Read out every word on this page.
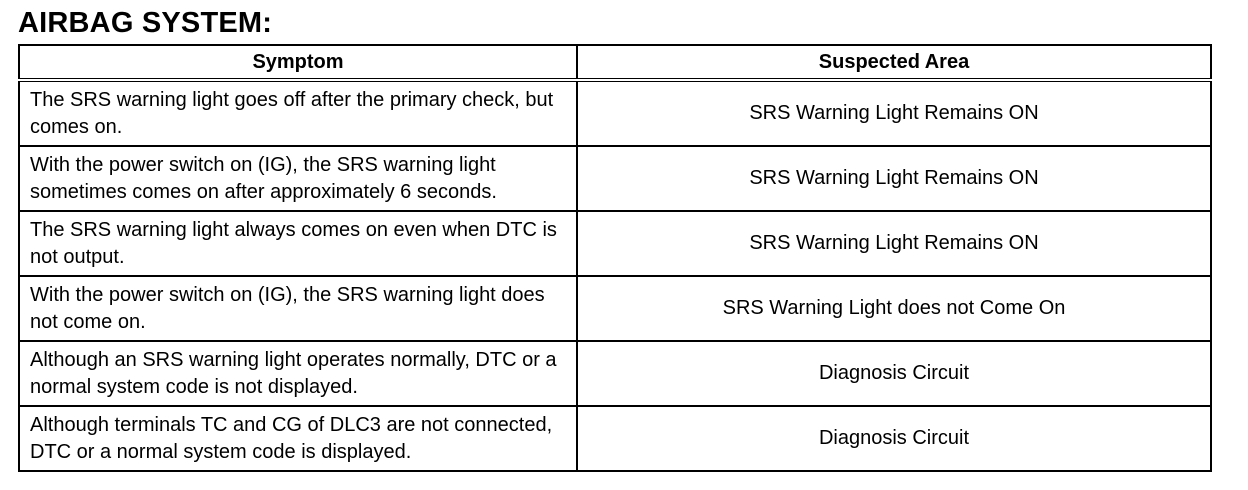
AIRBAG SYSTEM:
Symptom	Suspected Area
The SRS warning light goes off after the primary check, but comes on.	SRS Warning Light Remains ON
With the power switch on (IG), the SRS warning light sometimes comes on after approximately 6 seconds.	SRS Warning Light Remains ON
The SRS warning light always comes on even when DTC is not output.	SRS Warning Light Remains ON
With the power switch on (IG), the SRS warning light does not come on.	SRS Warning Light does not Come On
Although an SRS warning light operates normally, DTC or a normal system code is not displayed.	Diagnosis Circuit
Although terminals TC and CG of DLC3 are not connected, DTC or a normal system code is displayed.	Diagnosis Circuit
